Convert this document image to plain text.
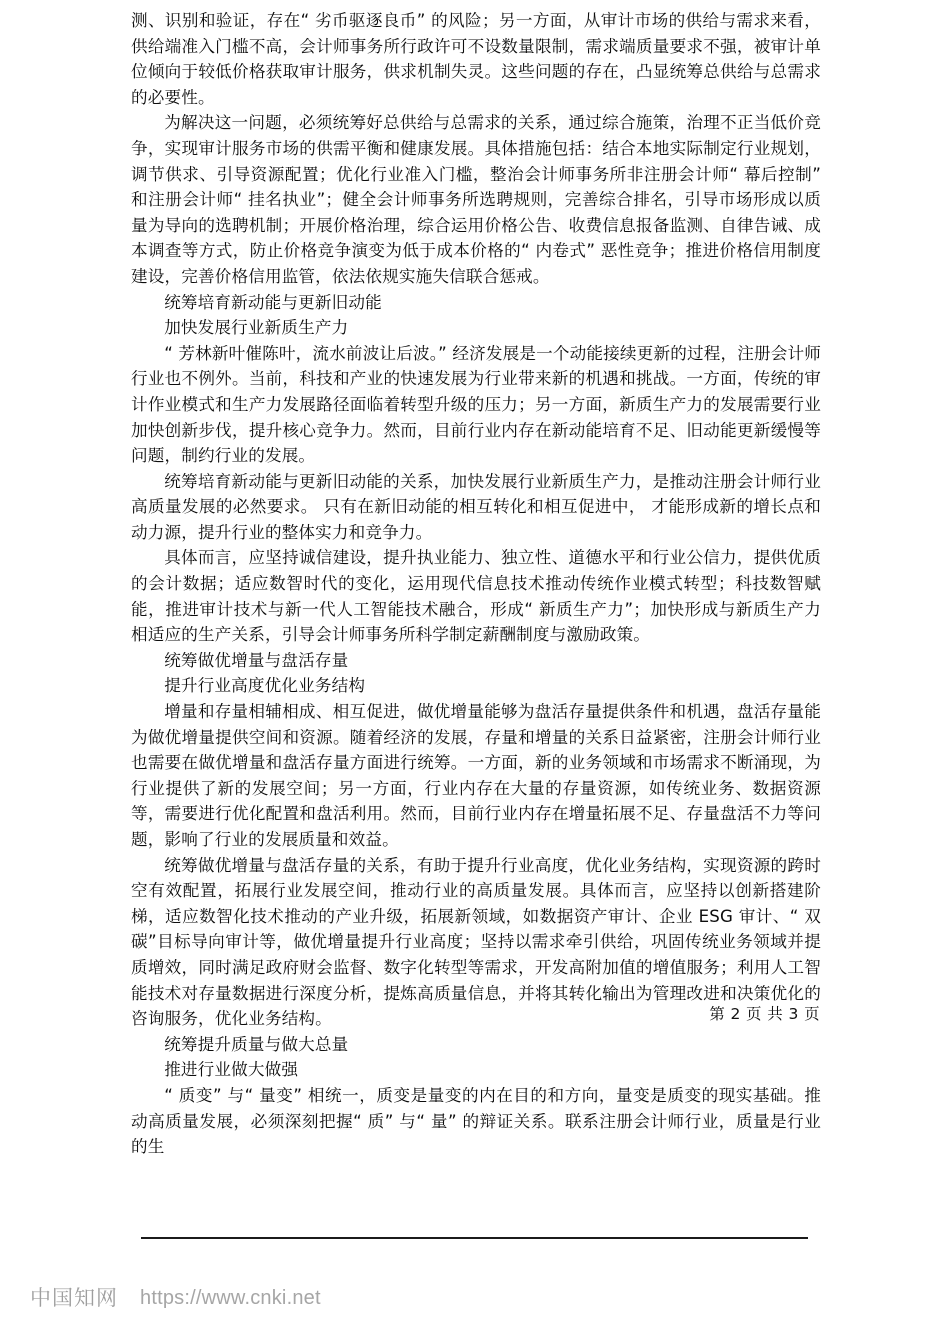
测、识别和验证，存在“ 劣币驱逐良币” 的风险；另一方面，从审计市场的供给与需求来看，供给端准入门槛不高，会计师事务所行政许可不设数量限制，需求端质量要求不强，被审计单位倾向于较低价格获取审计服务，供求机制失灵。这些问题的存在，凸显统筹总供给与总需求的必要性。

为解决这一问题，必须统筹好总供给与总需求的关系，通过综合施策，治理不正当低价竞争，实现审计服务市场的供需平衡和健康发展。具体措施包括：结合本地实际制定行业规划，调节供求、引导资源配置；优化行业准入门槛，整治会计师事务所非注册会计师“ 幕后控制” 和注册会计师“ 挂名执业”；健全会计师事务所选聘规则，完善综合排名，引导市场形成以质量为导向的选聘机制；开展价格治理，综合运用价格公告、收费信息报备监测、自律告诫、成本调查等方式，防止价格竞争演变为低于成本价格的“ 内卷式” 恶性竞争；推进价格信用制度建设，完善价格信用监管，依法依规实施失信联合惩戒。

统筹培育新动能与更新旧动能

加快发展行业新质生产力

“ 芳林新叶催陈叶，流水前波让后波。” 经济发展是一个动能接续更新的过程，注册会计师行业也不例外。当前，科技和产业的快速发展为行业带来新的机遇和挑战。一方面，传统的审计作业模式和生产力发展路径面临着转型升级的压力；另一方面，新质生产力的发展需要行业加快创新步伐，提升核心竞争力。然而，目前行业内存在新动能培育不足、旧动能更新缓慢等问题，制约行业的发展。

统筹培育新动能与更新旧动能的关系，加快发展行业新质生产力，是推动注册会计师行业高质量发展的必然要求。 只有在新旧动能的相互转化和相互促进中， 才能形成新的增长点和动力源，提升行业的整体实力和竞争力。

具体而言，应坚持诚信建设，提升执业能力、独立性、道德水平和行业公信力，提供优质的会计数据；适应数智时代的变化，运用现代信息技术推动传统作业模式转型；科技数智赋能，推进审计技术与新一代人工智能技术融合，形成“ 新质生产力”；加快形成与新质生产力相适应的生产关系，引导会计师事务所科学制定薪酬制度与激励政策。

统筹做优增量与盘活存量

提升行业高度优化业务结构

增量和存量相辅相成、相互促进，做优增量能够为盘活存量提供条件和机遇，盘活存量能为做优增量提供空间和资源。随着经济的发展，存量和增量的关系日益紧密，注册会计师行业也需要在做优增量和盘活存量方面进行统筹。一方面，新的业务领域和市场需求不断涌现，为行业提供了新的发展空间；另一方面，行业内存在大量的存量资源，如传统业务、数据资源等，需要进行优化配置和盘活利用。然而，目前行业内存在增量拓展不足、存量盘活不力等问题，影响了行业的发展质量和效益。

统筹做优增量与盘活存量的关系，有助于提升行业高度，优化业务结构，实现资源的跨时空有效配置，拓展行业发展空间，推动行业的高质量发展。具体而言，应坚持以创新搭建阶梯，适应数智化技术推动的产业升级，拓展新领域，如数据资产审计、企业 ESG 审计、“ 双碳”目标导向审计等，做优增量提升行业高度；坚持以需求牵引供给，巩固传统业务领域并提质增效，同时满足政府财会监督、数字化转型等需求，开发高附加值的增值服务；利用人工智能技术对存量数据进行深度分析，提炼高质量信息，并将其转化输出为管理改进和决策优化的咨询服务，优化业务结构。

统筹提升质量与做大总量

推进行业做大做强

“ 质变” 与“ 量变” 相统一，质变是量变的内在目的和方向，量变是质变的现实基础。推动高质量发展，必须深刻把握“ 质” 与“ 量” 的辩证关系。联系注册会计师行业，质量是行业的生

第 2 页 共 3 页
中国知网 https://www.cnki.net
